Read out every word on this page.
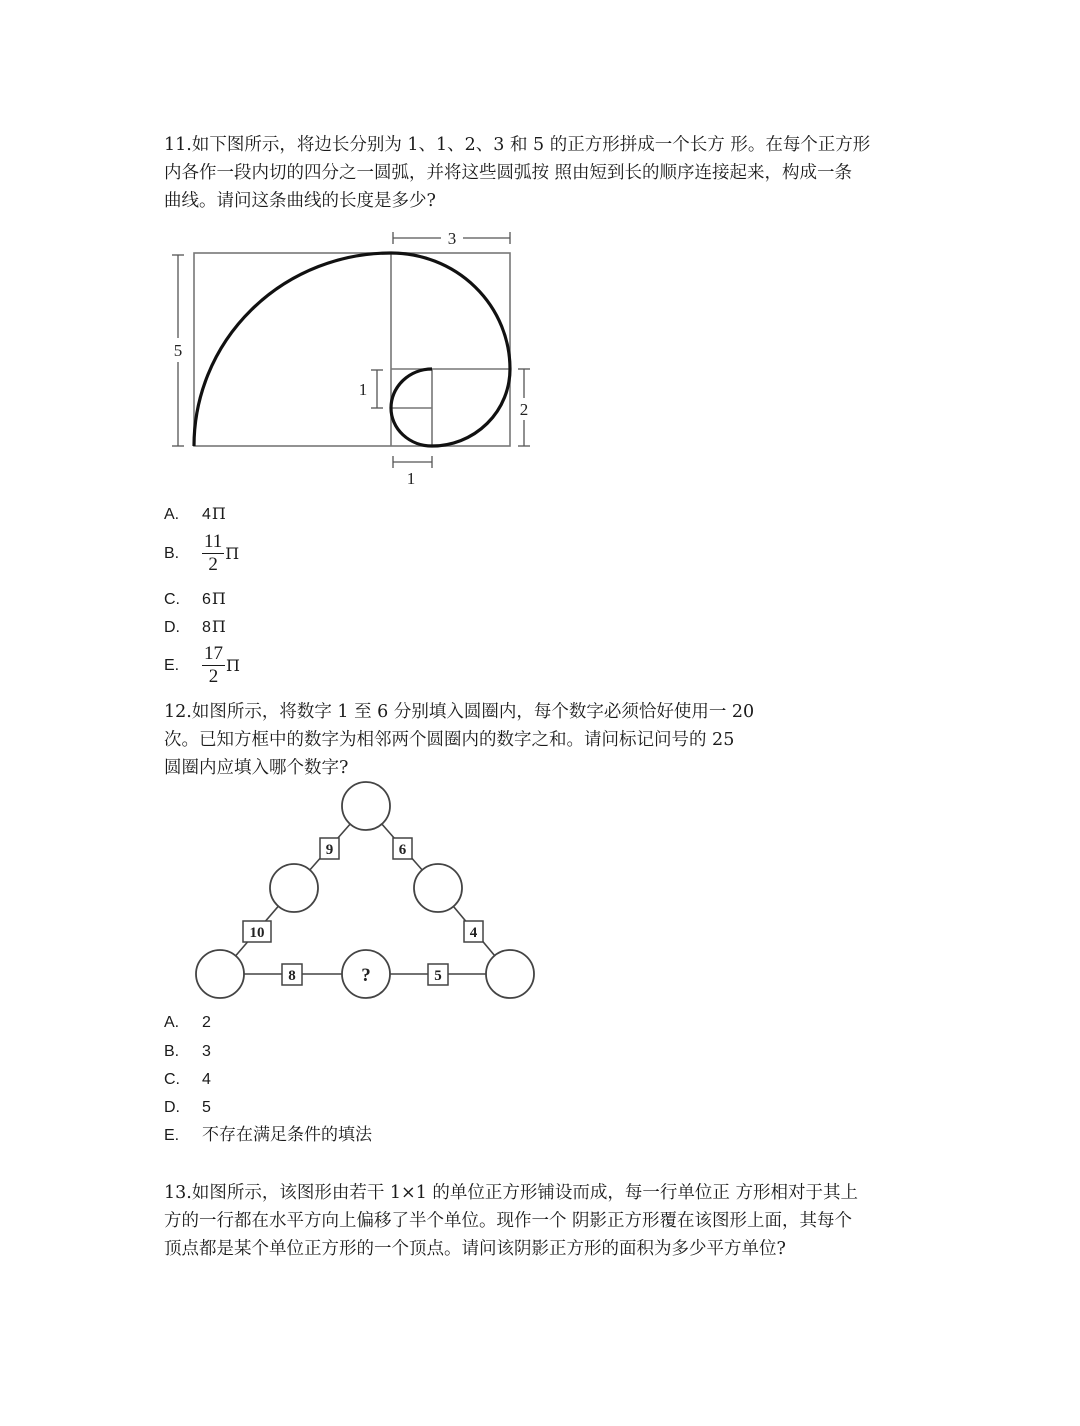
11.如下图所示，将边长分别为 1、1、2、3 和 5 的正方形拼成一个长方 形。在每个正方形
内各作一段内切的四分之一圆弧，并将这些圆弧按 照由短到长的顺序连接起来，构成一条
曲线。请问这条曲线的长度是多少?
3
5
1
2
1
A. 4Π
B. $\frac{11}{2}$ Π
C. 6Π
D. 8Π
E. $\frac{17}{2}$ Π
12.如图所示，将数字 1 至 6 分别填入圆圈内，每个数字必须恰好使用一 20
次。已知方框中的数字为相邻两个圆圈内的数字之和。请问标记问号的 25
圆圈内应填入哪个数字?
9	6
10	4
8	5
?
A. 2
B. 3
C. 4
D. 5
E. 不存在满足条件的填法
13.如图所示，该图形由若干 1×1 的单位正方形铺设而成，每一行单位正 方形相对于其上
方的一行都在水平方向上偏移了半个单位。现作一个 阴影正方形覆在该图形上面，其每个
顶点都是某个单位正方形的一个顶点。请问该阴影正方形的面积为多少平方单位?
